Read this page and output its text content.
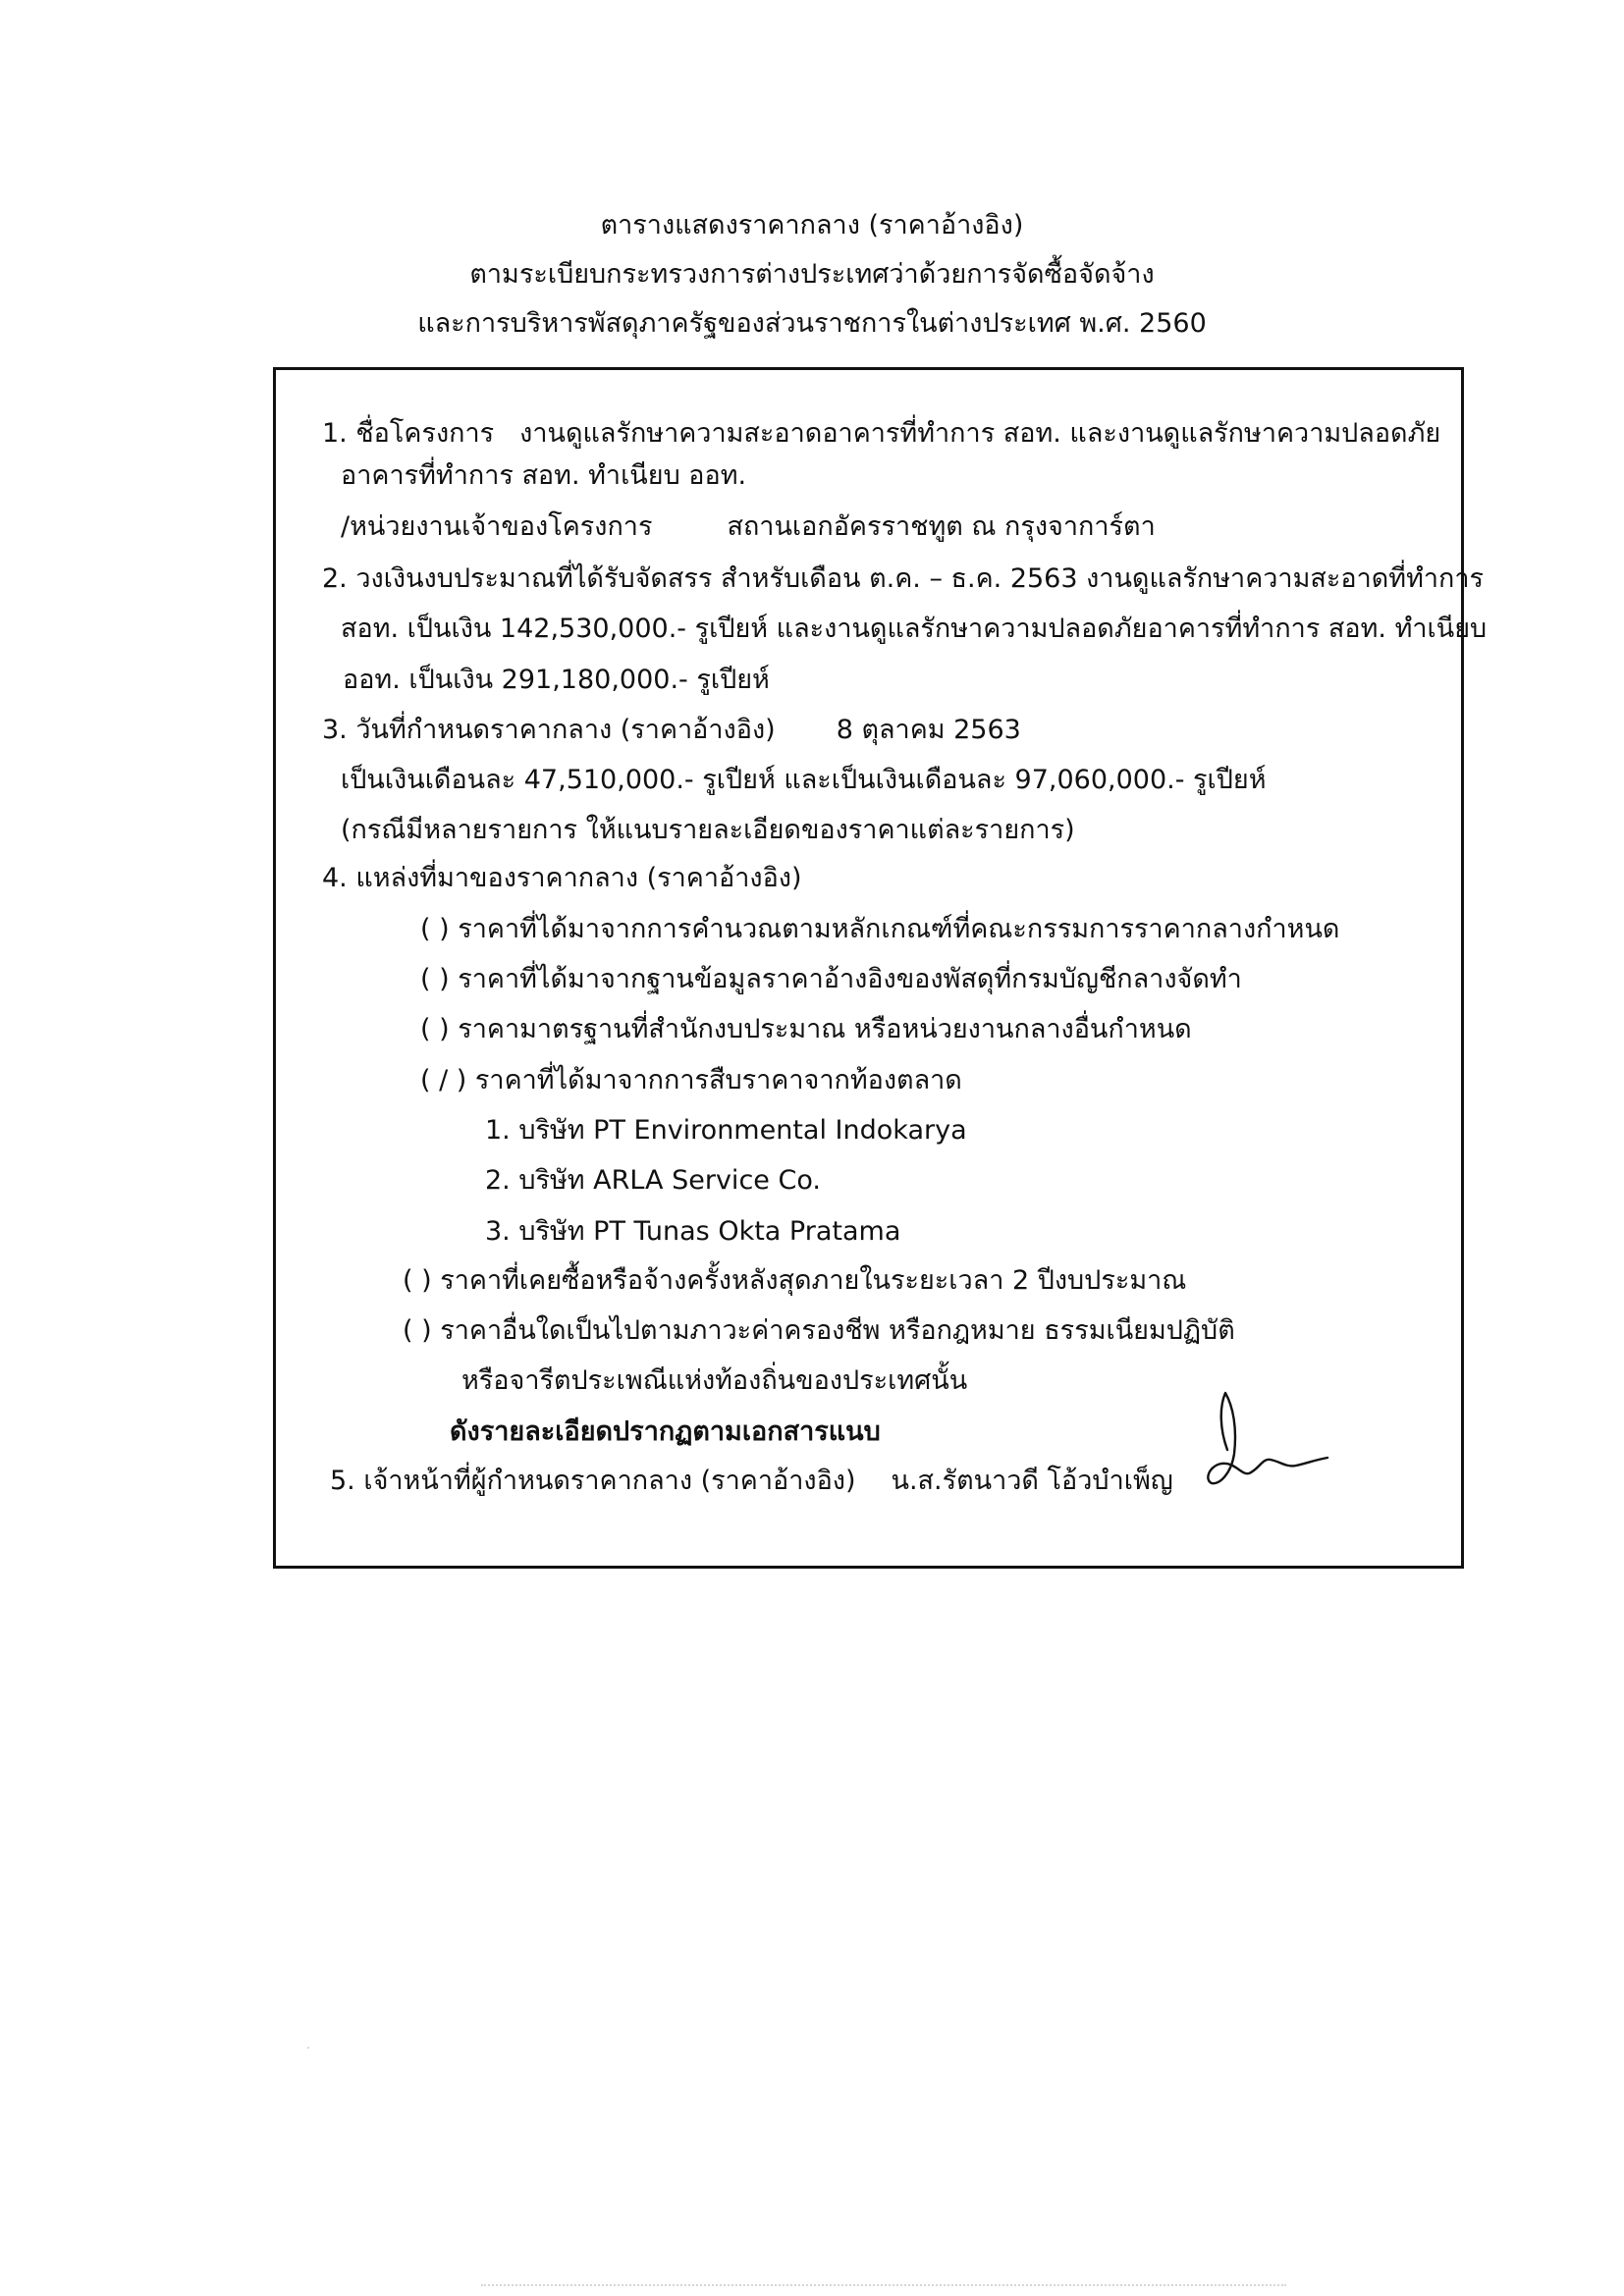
ตารางแสดงราคากลาง (ราคาอ้างอิง)
ตามระเบียบกระทรวงการต่างประเทศว่าด้วยการจัดซื้อจัดจ้าง
และการบริหารพัสดุภาครัฐของส่วนราชการในต่างประเทศ พ.ศ. 2560
1. ชื่อโครงการ งานดูแลรักษาความสะอาดอาคารที่ทำการ สอท. และงานดูแลรักษาความปลอดภัย
อาคารที่ทำการ สอท. ทำเนียบ ออท.
/หน่วยงานเจ้าของโครงการ	สถานเอกอัครราชทูต ณ กรุงจาการ์ตา
2. วงเงินงบประมาณที่ได้รับจัดสรร สำหรับเดือน ต.ค. – ธ.ค. 2563 งานดูแลรักษาความสะอาดที่ทำการ
สอท. เป็นเงิน 142,530,000.- รูเปียห์ และงานดูแลรักษาความปลอดภัยอาคารที่ทำการ สอท. ทำเนียบ
ออท. เป็นเงิน 291,180,000.- รูเปียห์
3. วันที่กำหนดราคากลาง (ราคาอ้างอิง) 8 ตุลาคม 2563
เป็นเงินเดือนละ 47,510,000.- รูเปียห์ และเป็นเงินเดือนละ 97,060,000.- รูเปียห์
(กรณีมีหลายรายการ ให้แนบรายละเอียดของราคาแต่ละรายการ)
4. แหล่งที่มาของราคากลาง (ราคาอ้างอิง)
( ) ราคาที่ได้มาจากการคำนวณตามหลักเกณฑ์ที่คณะกรรมการราคากลางกำหนด
( ) ราคาที่ได้มาจากฐานข้อมูลราคาอ้างอิงของพัสดุที่กรมบัญชีกลางจัดทำ
( ) ราคามาตรฐานที่สำนักงบประมาณ หรือหน่วยงานกลางอื่นกำหนด
( / ) ราคาที่ได้มาจากการสืบราคาจากท้องตลาด
1. บริษัท PT Environmental Indokarya
2. บริษัท ARLA Service Co.
3. บริษัท PT Tunas Okta Pratama
( ) ราคาที่เคยซื้อหรือจ้างครั้งหลังสุดภายในระยะเวลา 2 ปีงบประมาณ
( ) ราคาอื่นใดเป็นไปตามภาวะค่าครองชีพ หรือกฎหมาย ธรรมเนียมปฏิบัติ
หรือจารีตประเพณีแห่งท้องถิ่นของประเทศนั้น
ดังรายละเอียดปรากฏตามเอกสารแนบ
5. เจ้าหน้าที่ผู้กำหนดราคากลาง (ราคาอ้างอิง) น.ส.รัตนาวดี โอ้วบำเพ็ญ
